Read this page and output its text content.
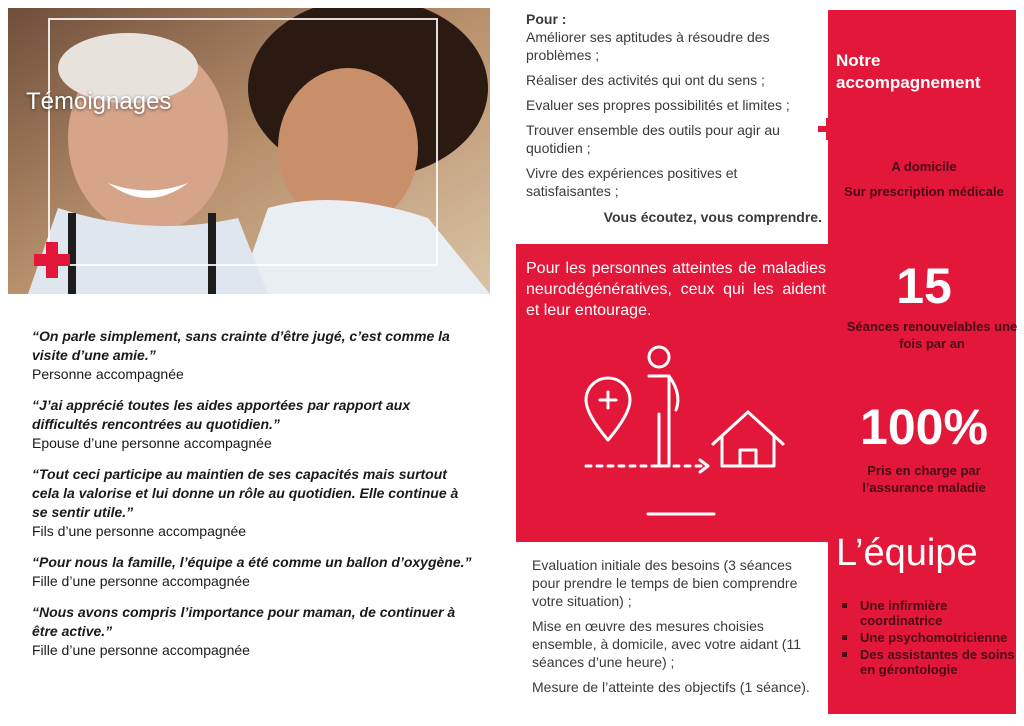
Témoignages
“On parle simplement, sans crainte d’être jugé, c’est comme la visite d’une amie.”
Personne accompagnée
“J’ai apprécié toutes les aides apportées par rapport aux difficultés rencontrées au quotidien.”
Epouse d’une personne accompagnée
“Tout ceci participe au maintien de ses capacités mais surtout cela la valorise et lui donne un rôle au quotidien. Elle continue à se sentir utile.”
Fils d’une personne accompagnée
“Pour nous la famille, l’équipe a été comme un ballon d’oxygène.”
Fille d’une personne accompagnée
“Nous avons compris l’importance pour maman, de continuer à être active.”
Fille d’une personne accompagnée

Pour :

Améliorer ses aptitudes à résoudre des problèmes ;

Réaliser des activités qui ont du sens ;

Evaluer ses propres possibilités et limites ;

Trouver ensemble des outils pour agir au quotidien ;

Vivre des expériences positives et satisfaisantes ;

Vous écoutez, vous comprendre.

Notre
accompagnement
A domicile
Sur prescription médicale
Pour les personnes atteintes de maladies neurodégénératives, ceux qui les aident et leur entourage.	15
Séances renouvelables une fois par an
100%
Pris en charge par l’assurance maladie
L’équipe
Une infirmière coordinatrice
Une psychomotricienne
Des assistantes de soins en gérontologie

Evaluation initiale des besoins (3 séances pour prendre le temps de bien comprendre votre situation) ;

Mise en œuvre des mesures choisies ensemble, à domicile, avec votre aidant (11 séances d’une heure) ;

Mesure de l’atteinte des objectifs (1 séance).
